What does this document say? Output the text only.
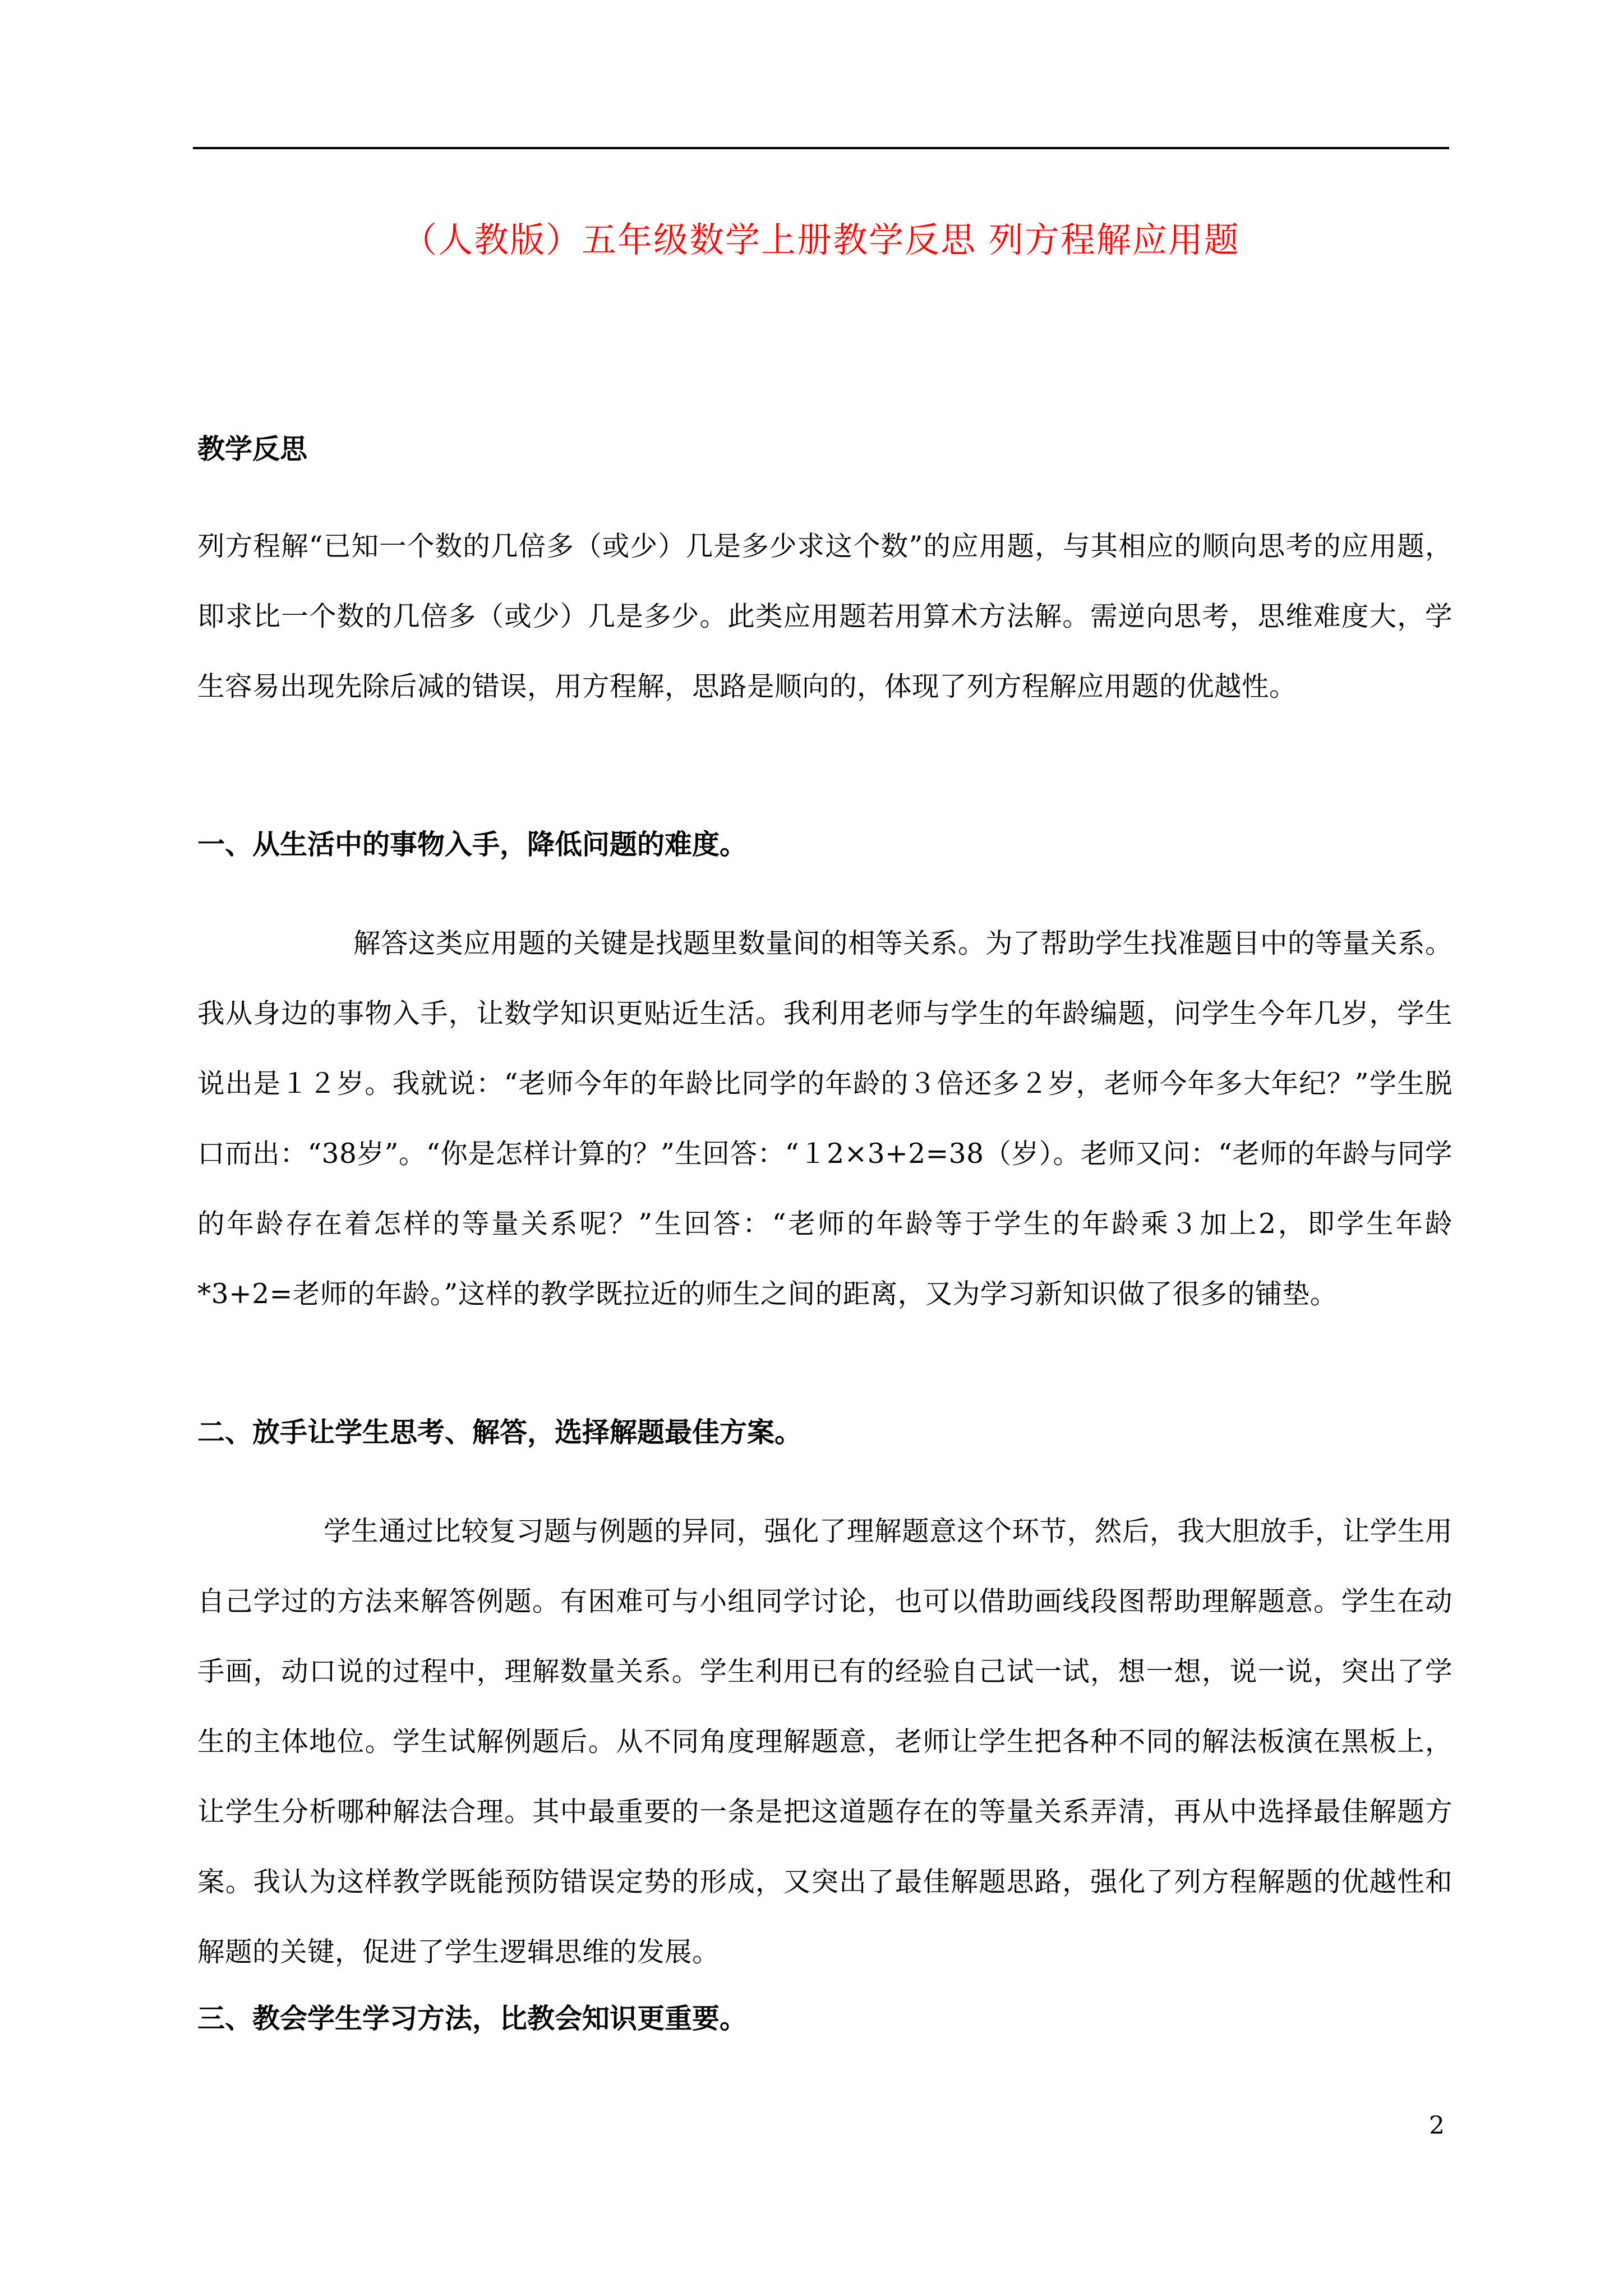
（人教版）五年级数学上册教学反思 列方程解应用题
教学反思
列方程解“已知一个数的几倍多（或少）几是多少求这个数”的应用题，与其相应的顺向思考的应用题，即求比一个数的几倍多（或少）几是多少。此类应用题若用算术方法解。需逆向思考，思维难度大，学生容易出现先除后减的错误，用方程解，思路是顺向的，体现了列方程解应用题的优越性。
一、从生活中的事物入手，降低问题的难度。
解答这类应用题的关键是找题里数量间的相等关系。为了帮助学生找准题目中的等量关系。我从身边的事物入手，让数学知识更贴近生活。我利用老师与学生的年龄编题，问学生今年几岁，学生说出是１２岁。我就说：“老师今年的年龄比同学的年龄的３倍还多２岁，老师今年多大年纪？”学生脱口而出：“38岁”。“你是怎样计算的？”生回答：“１2×3+2=38（岁）。老师又问：“老师的年龄与同学的年龄存在着怎样的等量关系呢？”生回答：“老师的年龄等于学生的年龄乘３加上2，即学生年龄*3+2=老师的年龄。”这样的教学既拉近的师生之间的距离，又为学习新知识做了很多的铺垫。
二、放手让学生思考、解答，选择解题最佳方案。
学生通过比较复习题与例题的异同，强化了理解题意这个环节，然后，我大胆放手，让学生用自己学过的方法来解答例题。有困难可与小组同学讨论，也可以借助画线段图帮助理解题意。学生在动手画，动口说的过程中，理解数量关系。学生利用已有的经验自己试一试，想一想，说一说，突出了学生的主体地位。学生试解例题后。从不同角度理解题意，老师让学生把各种不同的解法板演在黑板上，让学生分析哪种解法合理。其中最重要的一条是把这道题存在的等量关系弄清，再从中选择最佳解题方案。我认为这样教学既能预防错误定势的形成，又突出了最佳解题思路，强化了列方程解题的优越性和解题的关键，促进了学生逻辑思维的发展。
三、教会学生学习方法，比教会知识更重要。
2
